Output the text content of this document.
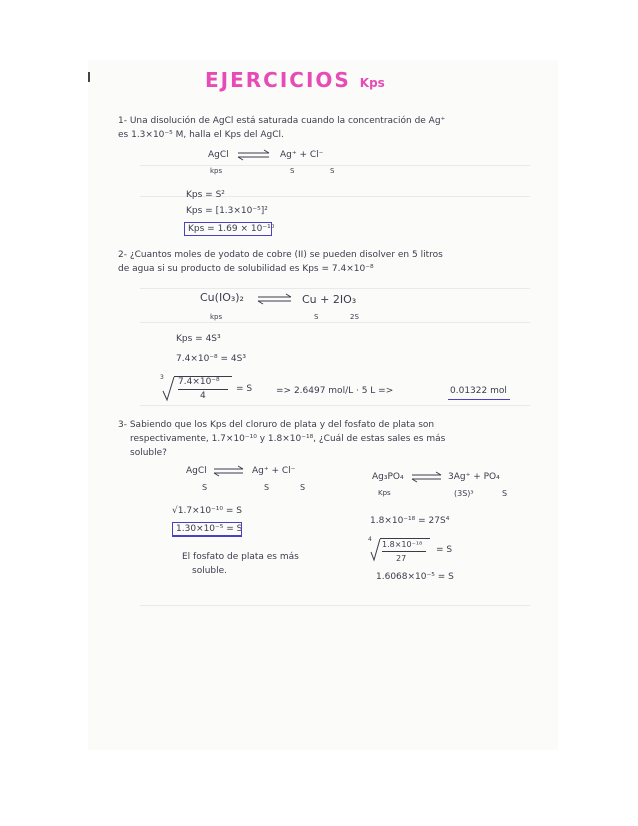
EJERCICIOS Kps
1- Una disolución de AgCl está saturada cuando la concentración de Ag⁺
es 1.3×10⁻⁵ M, halla el Kps del AgCl.
AgCl ⇌ Ag⁺ + Cl⁻
kps	S	S
Kps = S²
Kps = [1.3×10⁻⁵]²
Kps = 1.69 × 10⁻¹⁰
2- ¿Cuantos moles de yodato de cobre (II) se pueden disolver en 5 litros
de agua si su producto de solubilidad es Kps = 7.4×10⁻⁸
Cu(IO₃)₂ ⇌ Cu + 2IO₃
kps	S	2S
Kps = 4S³
7.4×10⁻⁸ = 4S³
3 7.4×10⁻⁸
4
= S	=> 2.6497 mol/L · 5 L =>	0.01322 mol
3- Sabiendo que los Kps del cloruro de plata y del fosfato de plata son
respectivamente, 1.7×10⁻¹⁰ y 1.8×10⁻¹⁸, ¿Cuál de estas sales es más
soluble?
AgCl ⇌ Ag⁺ + Cl⁻
S	S	S
√1.7×10⁻¹⁰ = S
1.30×10⁻⁵ = S
Ag₃PO₄ ⇌ 3Ag⁺ + PO₄
Kps	(3S)³	S
1.8×10⁻¹⁸ = 27S⁴
4
1.8×10⁻¹⁸
27
= S
1.6068×10⁻⁵ = S
El fosfato de plata es más
soluble.
